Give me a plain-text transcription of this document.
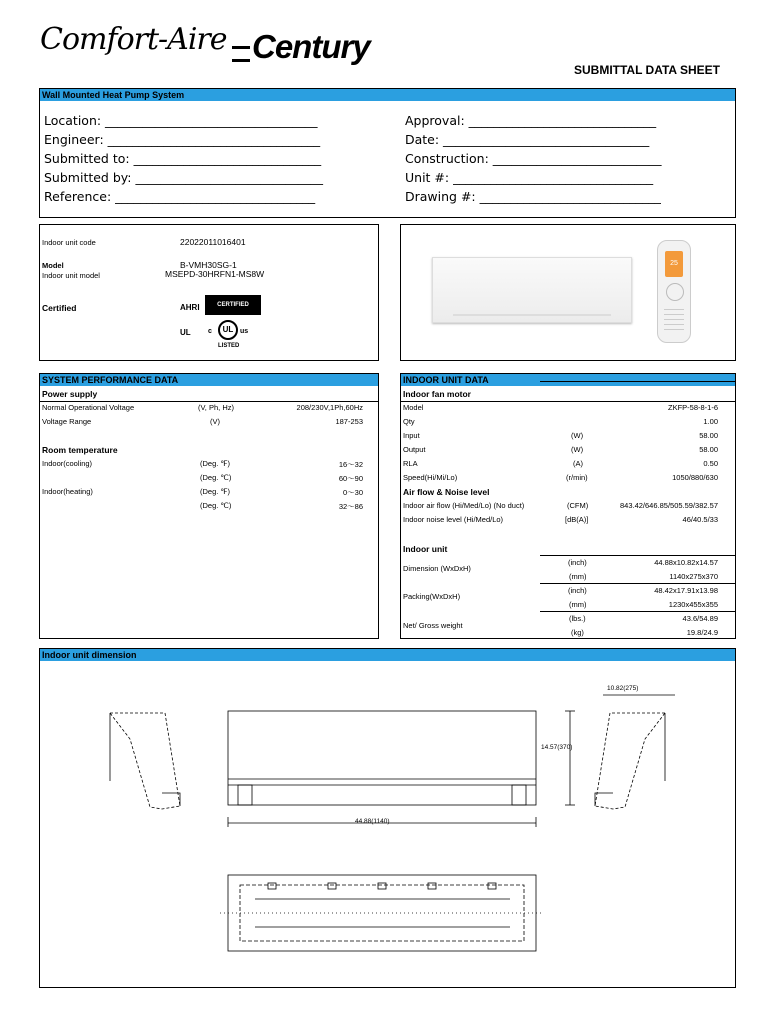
Comfort-Aire Century
SUBMITTAL DATA SHEET
Wall Mounted Heat Pump System
Location: __________________________________
Engineer: __________________________________
Submitted to: ______________________________
Submitted by: ______________________________
Reference: ________________________________
Approval: ______________________________
Date: _________________________________
Construction: ___________________________
Unit #: ________________________________
Drawing #: _____________________________
Indoor unit code	22022011016401
Model	B-VMH30SG-1
Indoor unit model	MSEPD-30HRFN1-MS8W
Certified	AHRI	CERTIFIED
UL c	UL us
LISTED
25
SYSTEM PERFORMANCE DATA
Power supply
Normal Operational Voltage	(V, Ph, Hz)	208/230V,1Ph,60Hz
Voltage Range	(V)	187-253
Room temperature
Indoor(cooling)	(Deg. ℉)	16～32
(Deg. ℃)	60～90
Indoor(heating)	(Deg. ℉)	0～30
(Deg. ℃)	32～86
INDOOR UNIT DATA
Indoor fan motor
Model	ZKFP-58-8-1-6
Qty	1.00
Input	(W)	58.00
Output	(W)	58.00
RLA	(A)	0.50
Speed(Hi/Mi/Lo)	(r/min)	1050/880/630
Air flow & Noise level
Indoor air flow (Hi/Med/Lo) (No duct)	(CFM)	843.42/646.85/505.59/382.57
Indoor noise level (Hi/Med/Lo)	[dB(A)]	46/40.5/33
Indoor unit
Dimension (WxDxH)
(inch)	44.88x10.82x14.57
(mm)	1140x275x370
Packing(WxDxH)
(inch)	48.42x17.91x13.98
(mm)	1230x455x355
Net/ Gross weight
(lbs.)	43.6/54.89
(kg)	19.8/24.9
Indoor unit dimension
10.82(275)
14.57(370)
44.88(1140)
